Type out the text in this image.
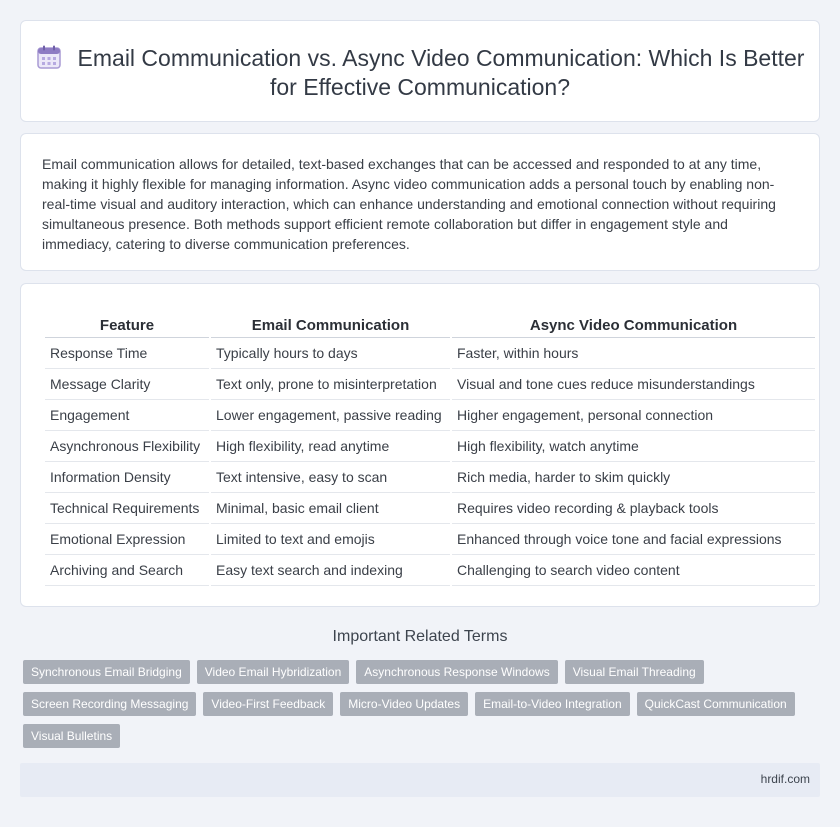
Email Communication vs. Async Video Communication: Which Is Better for Effective Communication?

Email communication allows for detailed, text-based exchanges that can be accessed and responded to at any time, making it highly flexible for managing information. Async video communication adds a personal touch by enabling non-real-time visual and auditory interaction, which can enhance understanding and emotional connection without requiring simultaneous presence. Both methods support efficient remote collaboration but differ in engagement style and immediacy, catering to diverse communication preferences.

Feature	Email Communication	Async Video Communication
Response Time	Typically hours to days	Faster, within hours
Message Clarity	Text only, prone to misinterpretation	Visual and tone cues reduce misunderstandings
Engagement	Lower engagement, passive reading	Higher engagement, personal connection
Asynchronous Flexibility	High flexibility, read anytime	High flexibility, watch anytime
Information Density	Text intensive, easy to scan	Rich media, harder to skim quickly
Technical Requirements	Minimal, basic email client	Requires video recording & playback tools
Emotional Expression	Limited to text and emojis	Enhanced through voice tone and facial expressions
Archiving and Search	Easy text search and indexing	Challenging to search video content
Important Related Terms
Synchronous Email Bridging	Video Email Hybridization	Asynchronous Response Windows	Visual Email Threading
Screen Recording Messaging	Video-First Feedback	Micro-Video Updates	Email-to-Video Integration	QuickCast Communication
Visual Bulletins
hrdif.com
